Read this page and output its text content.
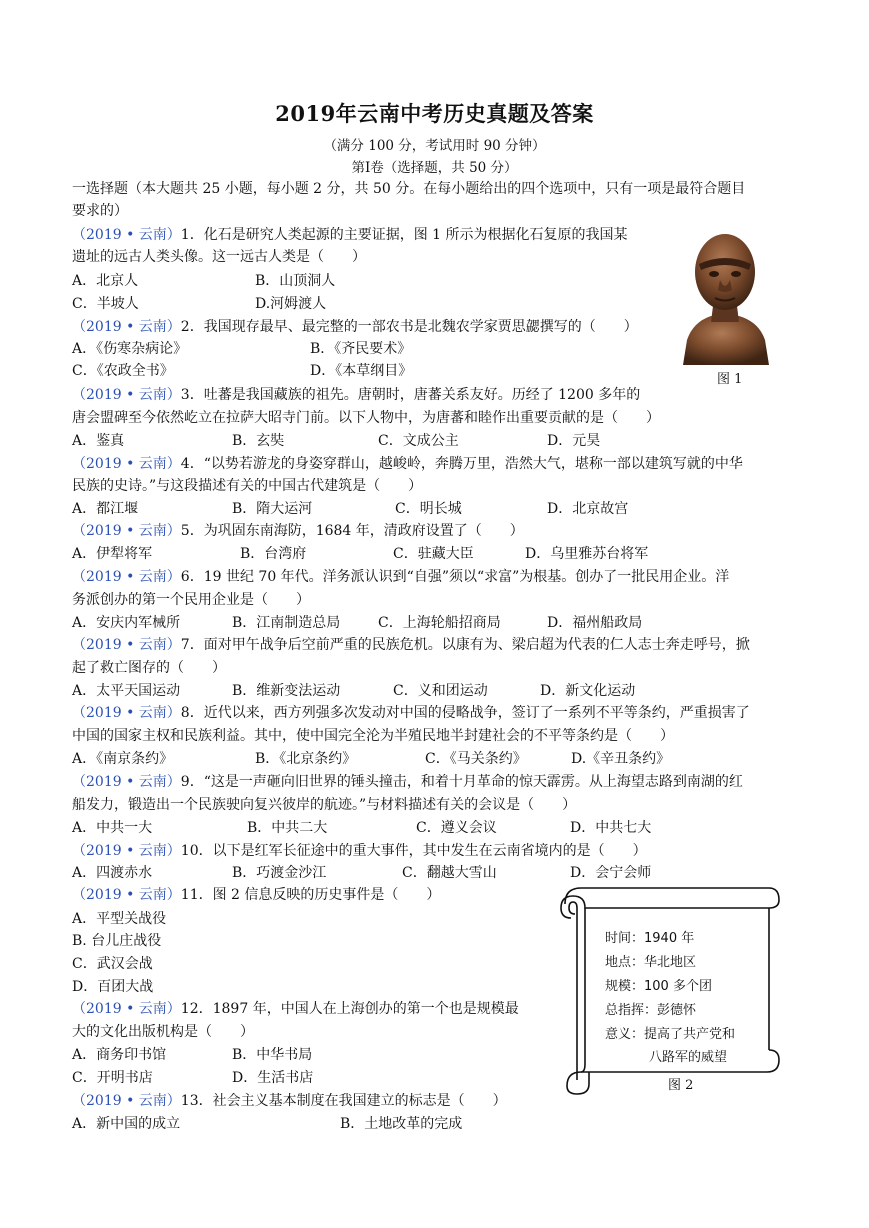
2019年云南中考历史真题及答案
（满分 100 分，考试用时 90 分钟）
第Ⅰ卷（选择题，共 50 分）
一选择题（本大题共 25 小题，每小题 2 分，共 50 分。在每小题给出的四个选项中，只有一项是最符合题目
要求的）
（2019 • 云南）1．化石是研究人类起源的主要证据，图 1 所示为根据化石复原的我国某
遗址的远古人类头像。这一远古人类是（　　）
A．北京人	B．山顶洞人
C．半坡人	D.河姆渡人
图 1
（2019 • 云南）2．我国现存最早、最完整的一部农书是北魏农学家贾思勰撰写的（　　）
A．《伤寒杂病论》	B．《齐民要术》
C．《农政全书》	D．《本草纲目》
（2019 • 云南）3．吐蕃是我国藏族的祖先。唐朝时，唐蕃关系友好。历经了 1200 多年的
唐会盟碑至今依然屹立在拉萨大昭寺门前。以下人物中，为唐蕃和睦作出重要贡献的是（　　）
A．鉴真	B．玄奘	C．文成公主	D．元昊
（2019 • 云南）4．“以势若游龙的身姿穿群山，越峻岭，奔腾万里，浩然大气，堪称一部以建筑写就的中华
民族的史诗。”与这段描述有关的中国古代建筑是（　　）
A．都江堰	B．隋大运河	C．明长城	D．北京故宫
（2019 • 云南）5．为巩固东南海防，1684 年，清政府设置了（　　）
A．伊犁将军	B．台湾府	C．驻藏大臣	D．乌里雅苏台将军
（2019 • 云南）6．19 世纪 70 年代。洋务派认识到“自强”须以“求富”为根基。创办了一批民用企业。洋
务派创办的第一个民用企业是（　　）
A．安庆内军械所	B．江南制造总局	C．上海轮船招商局	D．福州船政局
（2019 • 云南）7．面对甲午战争后空前严重的民族危机。以康有为、梁启超为代表的仁人志士奔走呼号，掀
起了救亡图存的（　　）
A．太平天国运动	B．维新变法运动	C．义和团运动	D．新文化运动
（2019 • 云南）8．近代以来，西方列强多次发动对中国的侵略战争，签订了一系列不平等条约，严重损害了
中国的国家主权和民族利益。其中，使中国完全沦为半殖民地半封建社会的不平等条约是（　　）
A．《南京条约》	B．《北京条约》	C．《马关条约》	D.《辛丑条约》
（2019 • 云南）9．“这是一声砸向旧世界的锤头撞击，和着十月革命的惊天霹雳。从上海望志路到南湖的红
船发力，锻造出一个民族驶向复兴彼岸的航迹。”与材料描述有关的会议是（　　）
A．中共一大	B．中共二大	C．遵义会议	D．中共七大
（2019 • 云南）10．以下是红军长征途中的重大事件，其中发生在云南省境内的是（　　）
A．四渡赤水	B．巧渡金沙江	C．翻越大雪山	D．会宁会师
（2019 • 云南）11．图 2 信息反映的历史事件是（　　）
A．平型关战役
B. 台儿庄战役
C．武汉会战
D．百团大战
时间：1940 年
地点：华北地区
规模：100 多个团
总指挥：彭德怀
意义：提高了共产党和
八路军的威望
图 2
（2019 • 云南）12．1897 年，中国人在上海创办的第一个也是规模最
大的文化出版机构是（　　）
A．商务印书馆	B．中华书局
C．开明书店	D．生活书店
（2019 • 云南）13．社会主义基本制度在我国建立的标志是（　　）
A．新中国的成立	B．土地改革的完成
